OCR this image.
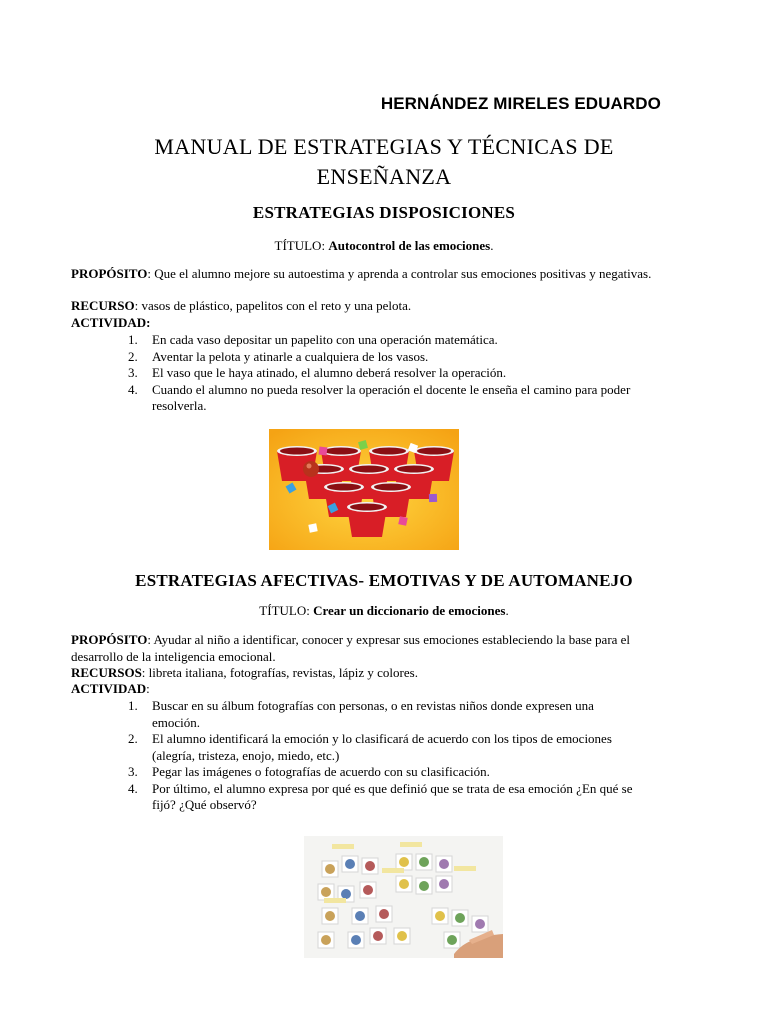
HERNÁNDEZ MIRELES EDUARDO
MANUAL DE ESTRATEGIAS Y TÉCNICAS DE
ENSEÑANZA
ESTRATEGIAS DISPOSICIONES
TÍTULO: Autocontrol de las emociones.
PROPÓSITO: Que el alumno mejore su autoestima y aprenda a controlar sus emociones positivas y negativas.
RECURSO: vasos de plástico, papelitos con el reto y una pelota.
ACTIVIDAD:
1. En cada vaso depositar un papelito con una operación matemática.
2. Aventar la pelota y atinarle a cualquiera de los vasos.
3. El vaso que le haya atinado, el alumno deberá resolver la operación.
4. Cuando el alumno no pueda resolver la operación el docente le enseña el camino para poder resolverla.
ESTRATEGIAS AFECTIVAS- EMOTIVAS Y DE AUTOMANEJO
TÍTULO: Crear un diccionario de emociones.
PROPÓSITO: Ayudar al niño a identificar, conocer y expresar sus emociones estableciendo la base para el desarrollo de la inteligencia emocional.
RECURSOS: libreta italiana, fotografías, revistas, lápiz y colores.
ACTIVIDAD:
1. Buscar en su álbum fotografías con personas, o en revistas niños donde expresen una emoción.
2. El alumno identificará la emoción y lo clasificará de acuerdo con los tipos de emociones (alegría, tristeza, enojo, miedo, etc.)
3. Pegar las imágenes o fotografías de acuerdo con su clasificación.
4. Por último, el alumno expresa por qué es que definió que se trata de esa emoción ¿En qué se fijó? ¿Qué observó?
